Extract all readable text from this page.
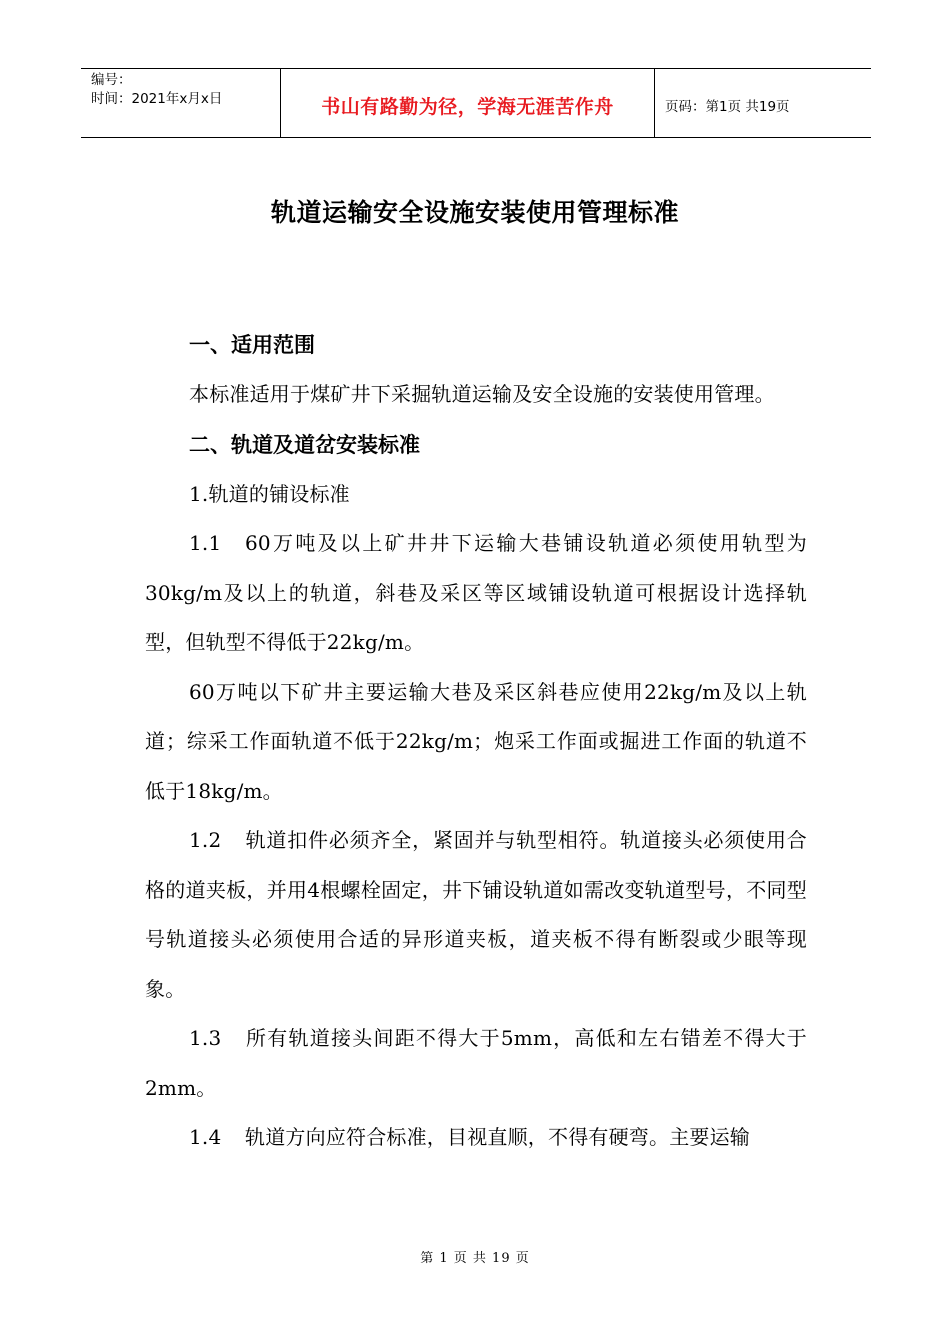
编号：
时间：2021年x月x日	书山有路勤为径，学海无涯苦作舟	页码：第1页 共19页
轨道运输安全设施安装使用管理标准

一、适用范围

本标准适用于煤矿井下采掘轨道运输及安全设施的安装使用管理。

二、轨道及道岔安装标准

1.轨道的铺设标准

1.1 60万吨及以上矿井井下运输大巷铺设轨道必须使用轨型为30kg/m及以上的轨道，斜巷及采区等区域铺设轨道可根据设计选择轨型，但轨型不得低于22kg/m。

60万吨以下矿井主要运输大巷及采区斜巷应使用22kg/m及以上轨道；综采工作面轨道不低于22kg/m；炮采工作面或掘进工作面的轨道不低于18kg/m。

1.2 轨道扣件必须齐全，紧固并与轨型相符。轨道接头必须使用合格的道夹板，并用4根螺栓固定，井下铺设轨道如需改变轨道型号，不同型号轨道接头必须使用合适的异形道夹板，道夹板不得有断裂或少眼等现象。

1.3 所有轨道接头间距不得大于5mm，高低和左右错差不得大于2mm。

1.4 轨道方向应符合标准，目视直顺，不得有硬弯。主要运输

第 1 页 共 19 页
